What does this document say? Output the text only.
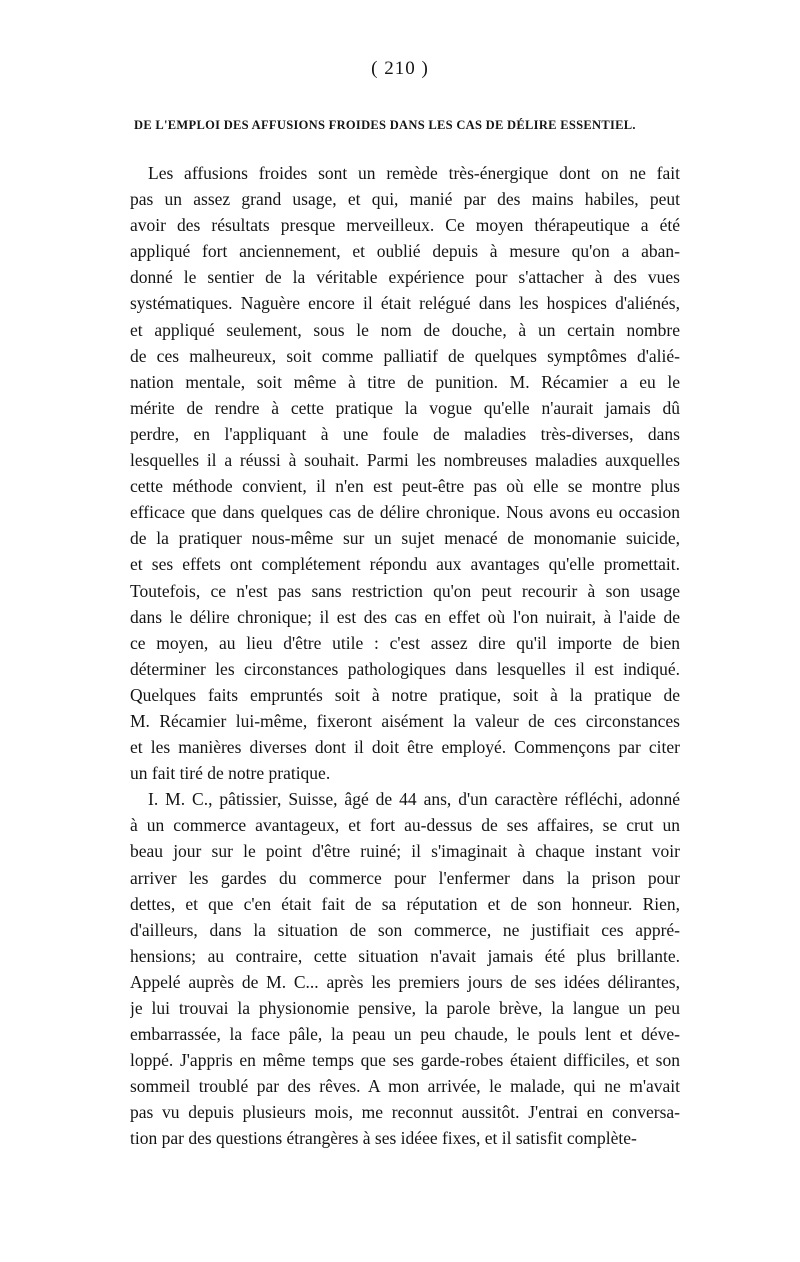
( 210 )
DE L'EMPLOI DES AFFUSIONS FROIDES DANS LES CAS DE DÉLIRE ESSENTIEL.
Les affusions froides sont un remède très-énergique dont on ne fait
pas un assez grand usage, et qui, manié par des mains habiles, peut
avoir des résultats presque merveilleux. Ce moyen thérapeutique a été
appliqué fort anciennement, et oublié depuis à mesure qu'on a aban-
donné le sentier de la véritable expérience pour s'attacher à des vues
systématiques. Naguère encore il était relégué dans les hospices d'aliénés,
et appliqué seulement, sous le nom de douche, à un certain nombre
de ces malheureux, soit comme palliatif de quelques symptômes d'alié-
nation mentale, soit même à titre de punition. M. Récamier a eu le
mérite de rendre à cette pratique la vogue qu'elle n'aurait jamais dû
perdre, en l'appliquant à une foule de maladies très-diverses, dans
lesquelles il a réussi à souhait. Parmi les nombreuses maladies auxquelles
cette méthode convient, il n'en est peut-être pas où elle se montre plus
efficace que dans quelques cas de délire chronique. Nous avons eu occasion
de la pratiquer nous-même sur un sujet menacé de monomanie suicide,
et ses effets ont complétement répondu aux avantages qu'elle promettait.
Toutefois, ce n'est pas sans restriction qu'on peut recourir à son usage
dans le délire chronique; il est des cas en effet où l'on nuirait, à l'aide de
ce moyen, au lieu d'être utile : c'est assez dire qu'il importe de bien
déterminer les circonstances pathologiques dans lesquelles il est indiqué.
Quelques faits empruntés soit à notre pratique, soit à la pratique de
M. Récamier lui-même, fixeront aisément la valeur de ces circonstances
et les manières diverses dont il doit être employé. Commençons par citer
un fait tiré de notre pratique.
I. M. C., pâtissier, Suisse, âgé de 44 ans, d'un caractère réfléchi, adonné
à un commerce avantageux, et fort au-dessus de ses affaires, se crut un
beau jour sur le point d'être ruiné; il s'imaginait à chaque instant voir
arriver les gardes du commerce pour l'enfermer dans la prison pour
dettes, et que c'en était fait de sa réputation et de son honneur. Rien,
d'ailleurs, dans la situation de son commerce, ne justifiait ces appré-
hensions; au contraire, cette situation n'avait jamais été plus brillante.
Appelé auprès de M. C... après les premiers jours de ses idées délirantes,
je lui trouvai la physionomie pensive, la parole brève, la langue un peu
embarrassée, la face pâle, la peau un peu chaude, le pouls lent et déve-
loppé. J'appris en même temps que ses garde-robes étaient difficiles, et son
sommeil troublé par des rêves. A mon arrivée, le malade, qui ne m'avait
pas vu depuis plusieurs mois, me reconnut aussitôt. J'entrai en conversa-
tion par des questions étrangères à ses idéee fixes, et il satisfit complète-
